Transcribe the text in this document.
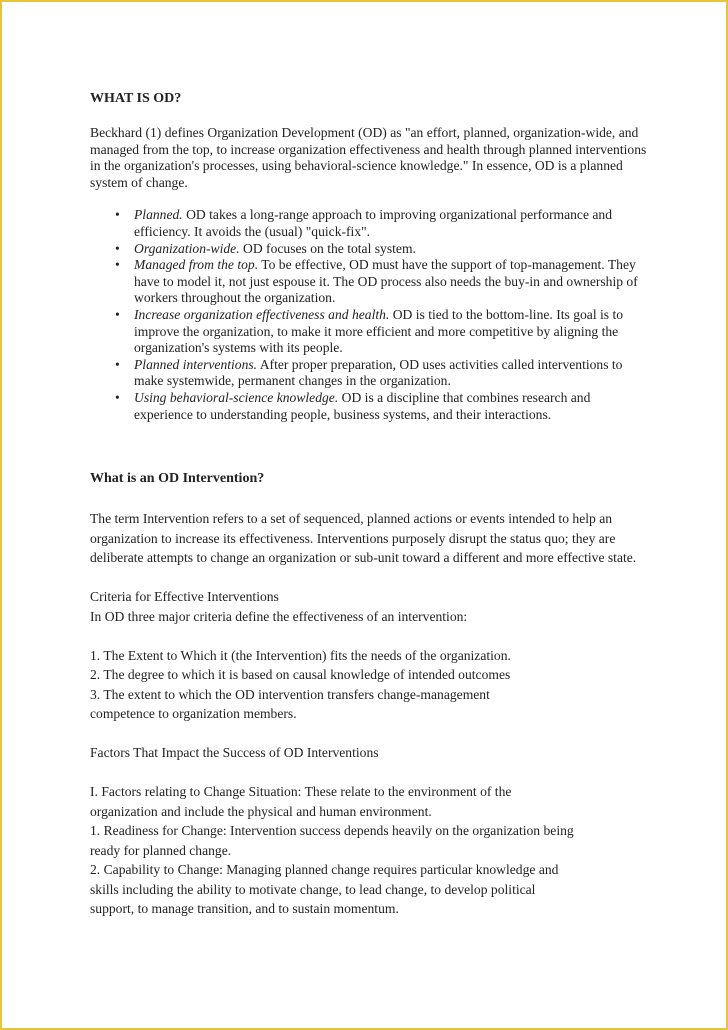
WHAT IS OD?

Beckhard (1) defines Organization Development (OD) as "an effort, planned, organization-wide, and managed from the top, to increase organization effectiveness and health through planned interventions in the organization's processes, using behavioral-science knowledge." In essence, OD is a planned system of change.

• Planned. OD takes a long-range approach to improving organizational performance and efficiency. It avoids the (usual) "quick-fix".
• Organization-wide. OD focuses on the total system.
• Managed from the top. To be effective, OD must have the support of top-management. They have to model it, not just espouse it. The OD process also needs the buy-in and ownership of workers throughout the organization.
• Increase organization effectiveness and health. OD is tied to the bottom-line. Its goal is to improve the organization, to make it more efficient and more competitive by aligning the organization's systems with its people.
• Planned interventions. After proper preparation, OD uses activities called interventions to make systemwide, permanent changes in the organization.
• Using behavioral-science knowledge. OD is a discipline that combines research and experience to understanding people, business systems, and their interactions.

What is an OD Intervention?

The term Intervention refers to a set of sequenced, planned actions or events intended to help an organization to increase its effectiveness. Interventions purposely disrupt the status quo; they are deliberate attempts to change an organization or sub-unit toward a different and more effective state.

Criteria for Effective Interventions

In OD three major criteria define the effectiveness of an intervention:

1. The Extent to Which it (the Intervention) fits the needs of the organization.

2. The degree to which it is based on causal knowledge of intended outcomes

3. The extent to which the OD intervention transfers change-management competence to organization members.

Factors That Impact the Success of OD Interventions

I. Factors relating to Change Situation: These relate to the environment of the organization and include the physical and human environment.

1. Readiness for Change: Intervention success depends heavily on the organization being ready for planned change.

2. Capability to Change: Managing planned change requires particular knowledge and skills including the ability to motivate change, to lead change, to develop political support, to manage transition, and to sustain momentum.
